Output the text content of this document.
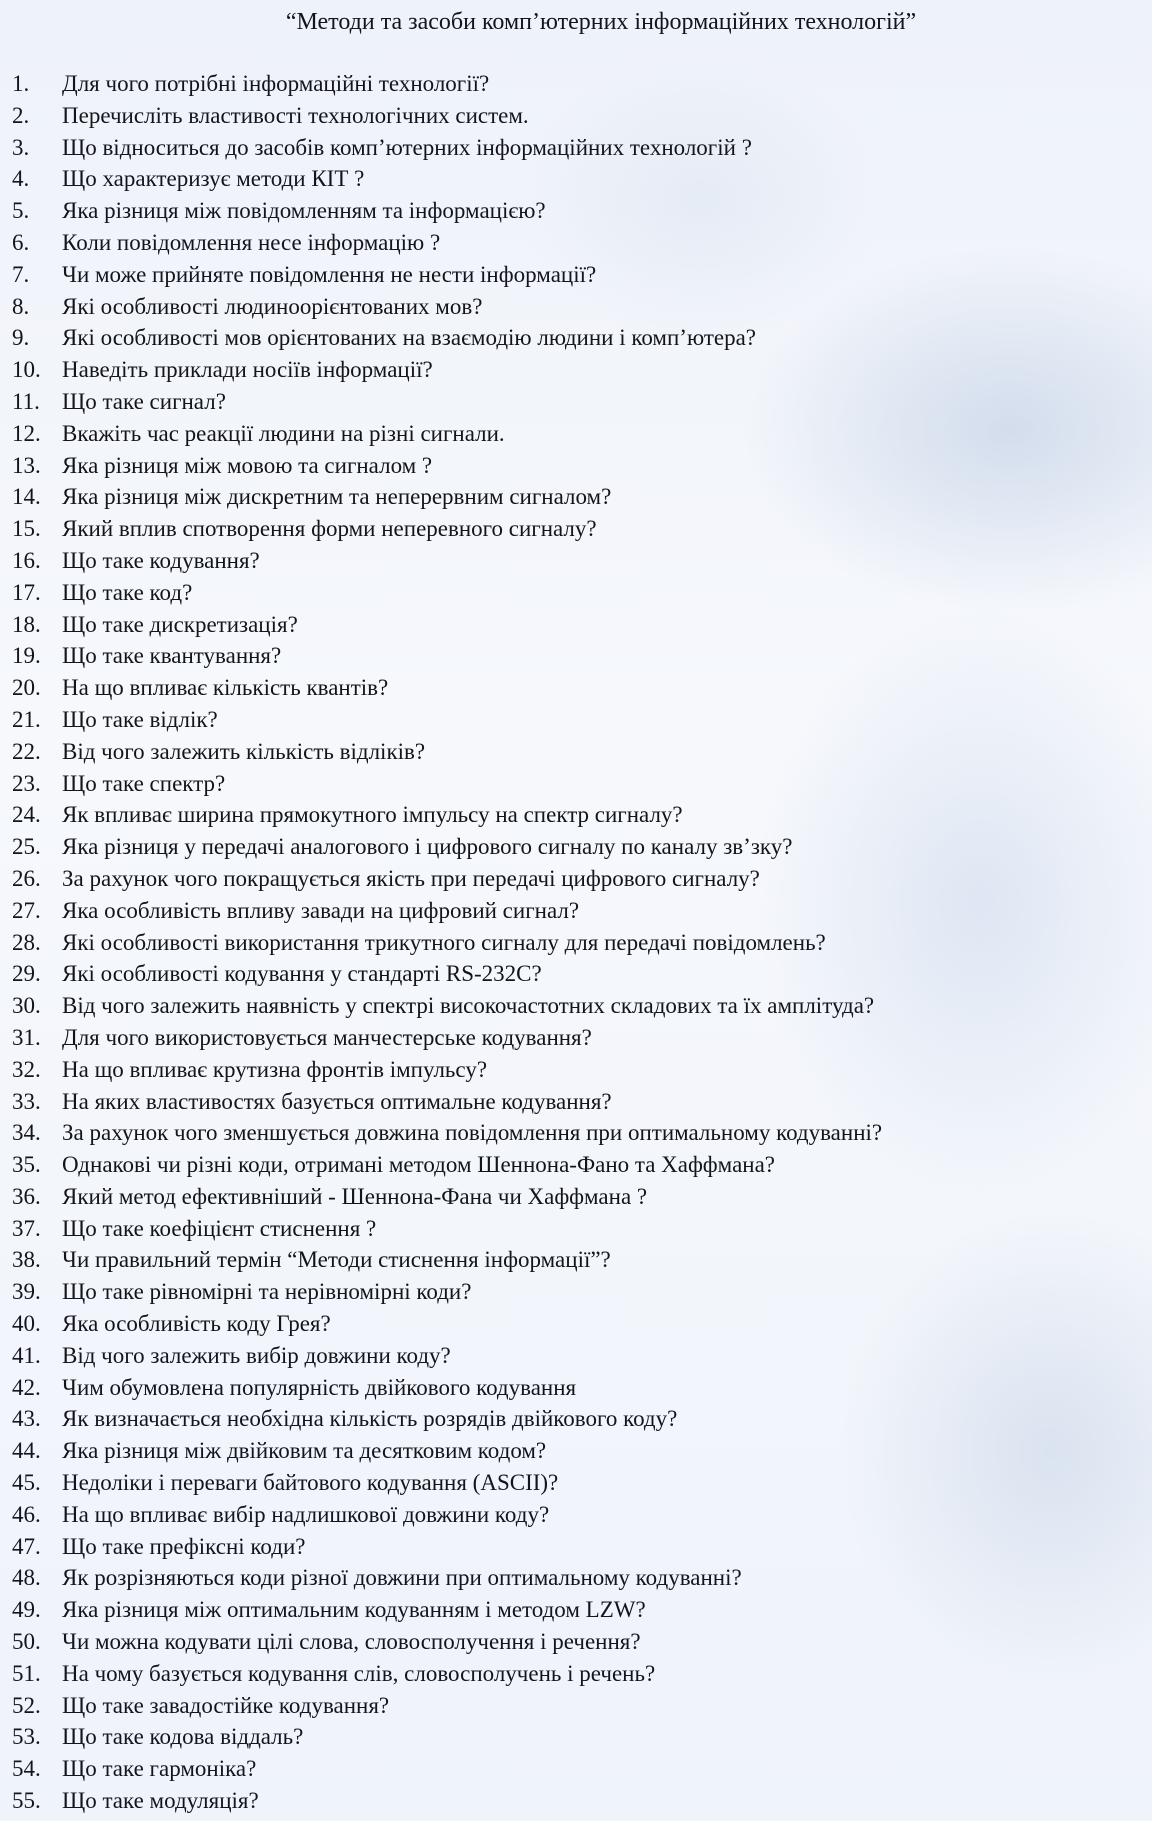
“Методи та засоби комп’ютерних інформаційних технологій”
1.	Для чого потрібні інформаційні технології?
2.	Перечисліть властивості технологічних систем.
3.	Що відноситься до засобів комп’ютерних інформаційних технологій ?
4.	Що характеризує методи КІТ ?
5.	Яка різниця між повідомленням та інформацією?
6.	Коли повідомлення несе інформацію ?
7.	Чи може прийняте повідомлення не нести інформації?
8.	Які особливості людиноорієнтованих мов?
9.	Які особливості мов орієнтованих на взаємодію людини і комп’ютера?
10. Наведіть приклади носіїв інформації?
11. Що таке сигнал?
12. Вкажіть час реакції людини на різні сигнали.
13. Яка різниця між мовою та сигналом ?
14. Яка різниця між дискретним та неперервним сигналом?
15. Який вплив спотворення форми неперевного сигналу?
16. Що таке кодування?
17. Що таке код?
18. Що таке дискретизація?
19. Що таке квантування?
20. На що впливає кількість квантів?
21. Що таке відлік?
22. Від чого залежить кількість відліків?
23. Що таке спектр?
24. Як впливає ширина прямокутного імпульсу на спектр сигналу?
25. Яка різниця у передачі аналогового і цифрового сигналу по каналу зв’зку?
26. За рахунок чого покращується якість при передачі цифрового сигналу?
27. Яка особливість впливу завади на цифровий сигнал?
28. Які особливості використання трикутного сигналу для передачі повідомлень?
29. Які особливості кодування у стандарті RS-232C?
30. Від чого залежить наявність у спектрі високочастотних складових та їх амплітуда?
31. Для чого використовується манчестерське кодування?
32. На що впливає крутизна фронтів імпульсу?
33. На яких властивостях базується оптимальне кодування?
34. За рахунок чого зменшується довжина повідомлення при оптимальному кодуванні?
35. Однакові чи різні коди, отримані методом Шеннона-Фано та Хаффмана?
36. Який метод ефективніший - Шеннона-Фана чи Хаффмана ?
37. Що таке коефіцієнт стиснення ?
38. Чи правильний термін “Методи стиснення інформації”?
39. Що таке рівномірні та нерівномірні коди?
40. Яка особливість коду Грея?
41. Від чого залежить вибір довжини коду?
42. Чим обумовлена популярність двійкового кодування
43. Як визначається необхідна кількість розрядів двійкового коду?
44. Яка різниця між двійковим та десятковим кодом?
45. Недоліки і переваги байтового кодування (ASCII)?
46. На що впливає вибір надлишкової довжини коду?
47. Що таке префіксні коди?
48. Як розрізняються коди різної довжини при оптимальному кодуванні?
49. Яка різниця між оптимальним кодуванням і методом LZW?
50. Чи можна кодувати цілі слова, словосполучення і речення?
51. На чому базується кодування слів, словосполучень і речень?
52. Що таке завадостійке кодування?
53. Що таке кодова віддаль?
54. Що таке гармоніка?
55. Що таке модуляція?
